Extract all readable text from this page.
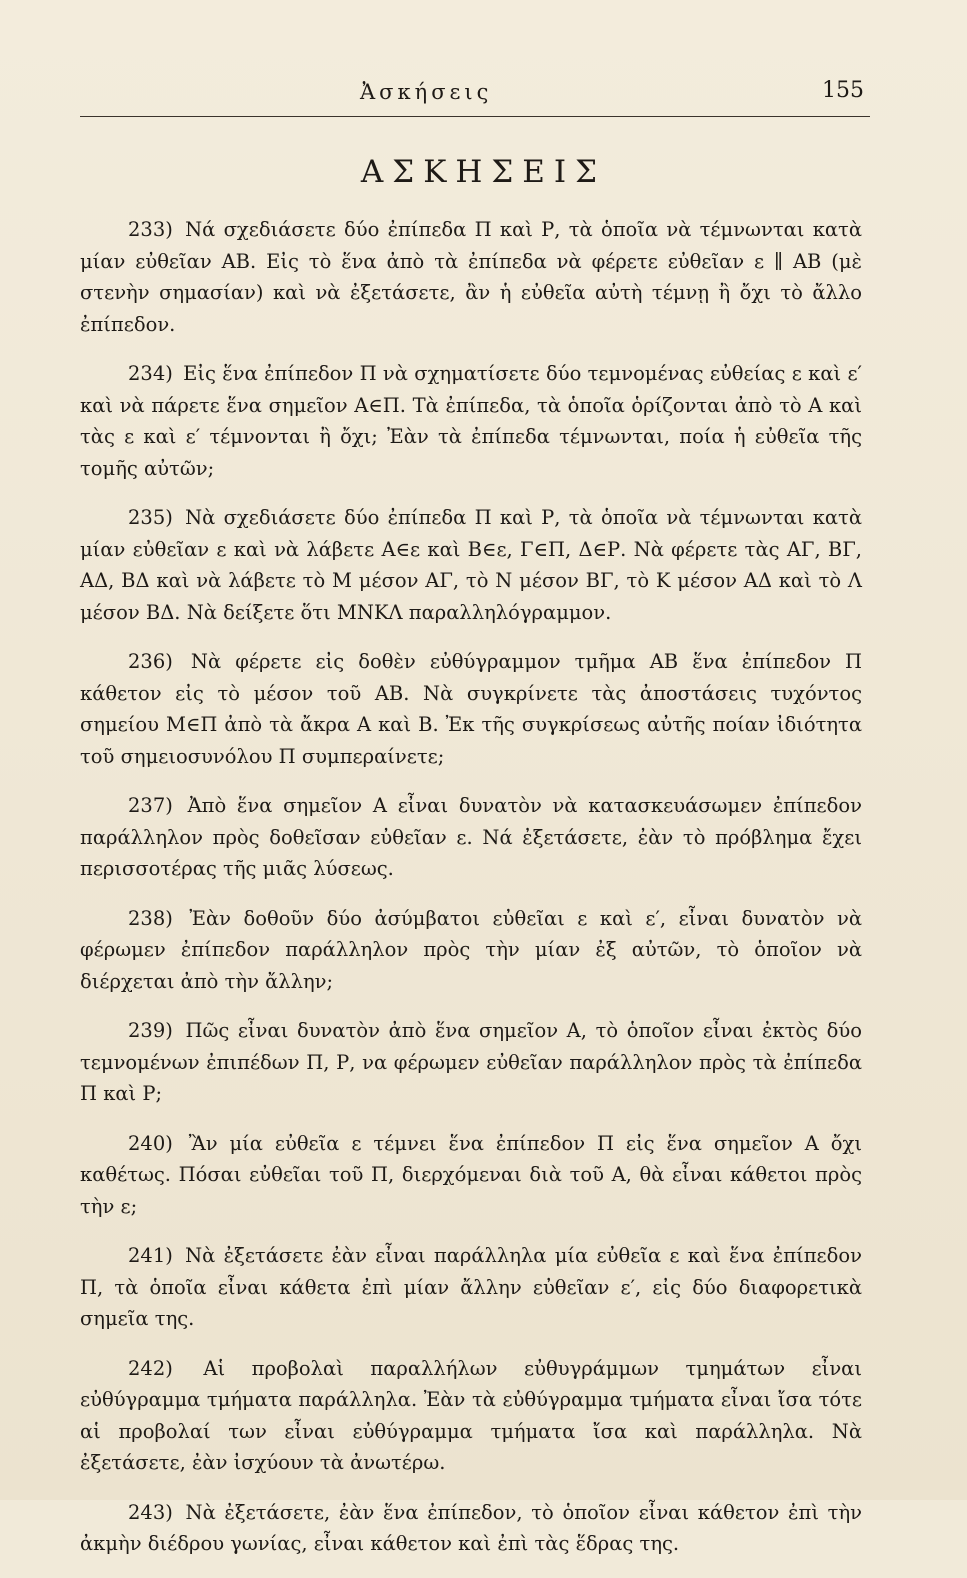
Ἀσκήσεις	155
ΑΣΚΗΣΕΙΣ

233) Νά σχεδιάσετε δύο ἐπίπεδα Π καὶ Ρ, τὰ ὁποῖα νὰ τέμνωνται κατὰ μίαν εὐθεῖαν ΑΒ. Εἰς τὸ ἕνα ἀπὸ τὰ ἐπίπεδα νὰ φέρετε εὐθεῖαν ε ∥ ΑΒ (μὲ στενὴν σημασίαν) καὶ νὰ ἐξετάσετε, ἂν ἡ εὐθεῖα αὐτὴ τέμνῃ ἢ ὄχι τὸ ἄλλο ἐπίπεδον.

234) Εἰς ἕνα ἐπίπεδον Π νὰ σχηματίσετε δύο τεμνομένας εὐθείας ε καὶ ε′ καὶ νὰ πάρετε ἕνα σημεῖον Α∈Π. Τὰ ἐπίπεδα, τὰ ὁποῖα ὁρίζονται ἀπὸ τὸ Α καὶ τὰς ε καὶ ε′ τέμνονται ἢ ὄχι; Ἐὰν τὰ ἐπίπεδα τέμνωνται, ποία ἡ εὐθεῖα τῆς τομῆς αὐτῶν;

235) Νὰ σχεδιάσετε δύο ἐπίπεδα Π καὶ Ρ, τὰ ὁποῖα νὰ τέμνωνται κατὰ μίαν εὐθεῖαν ε καὶ νὰ λάβετε Α∈ε καὶ Β∈ε, Γ∈Π, Δ∈Ρ. Νὰ φέρετε τὰς ΑΓ, ΒΓ, ΑΔ, ΒΔ καὶ νὰ λάβετε τὸ Μ μέσον ΑΓ, τὸ Ν μέσον ΒΓ, τὸ Κ μέσον ΑΔ καὶ τὸ Λ μέσον ΒΔ. Νὰ δείξετε ὅτι ΜΝΚΛ παραλληλόγραμμον.

236) Νὰ φέρετε εἰς δοθὲν εὐθύγραμμον τμῆμα ΑΒ ἕνα ἐπίπεδον Π κάθετον εἰς τὸ μέσον τοῦ ΑΒ. Νὰ συγκρίνετε τὰς ἀποστάσεις τυχόντος σημείου Μ∈Π ἀπὸ τὰ ἄκρα Α καὶ Β. Ἐκ τῆς συγκρίσεως αὐτῆς ποίαν ἰδιότητα τοῦ σημειοσυνόλου Π συμπεραίνετε;

237) Ἀπὸ ἕνα σημεῖον Α εἶναι δυνατὸν νὰ κατασκευάσωμεν ἐπίπεδον παράλληλον πρὸς δοθεῖσαν εὐθεῖαν ε. Νά ἐξετάσετε, ἐὰν τὸ πρόβλημα ἔχει περισσοτέρας τῆς μιᾶς λύσεως.

238) Ἐὰν δοθοῦν δύο ἀσύμβατοι εὐθεῖαι ε καὶ ε′, εἶναι δυνατὸν νὰ φέρωμεν ἐπίπεδον παράλληλον πρὸς τὴν μίαν ἐξ αὐτῶν, τὸ ὁποῖον νὰ διέρχεται ἀπὸ τὴν ἄλλην;

239) Πῶς εἶναι δυνατὸν ἀπὸ ἕνα σημεῖον Α, τὸ ὁποῖον εἶναι ἐκτὸς δύο τεμνομένων ἐπιπέδων Π, Ρ, να φέρωμεν εὐθεῖαν παράλληλον πρὸς τὰ ἐπίπεδα Π καὶ Ρ;

240) Ἂν μία εὐθεῖα ε τέμνει ἕνα ἐπίπεδον Π εἰς ἕνα σημεῖον Α ὄχι καθέτως. Πόσαι εὐθεῖαι τοῦ Π, διερχόμεναι διὰ τοῦ Α, θὰ εἶναι κάθετοι πρὸς τὴν ε;

241) Νὰ ἐξετάσετε ἐὰν εἶναι παράλληλα μία εὐθεῖα ε καὶ ἕνα ἐπίπεδον Π, τὰ ὁποῖα εἶναι κάθετα ἐπὶ μίαν ἄλλην εὐθεῖαν ε′, εἰς δύο διαφορετικὰ σημεῖα της.

242) Αἱ προβολαὶ παραλλήλων εὐθυγράμμων τμημάτων εἶναι εὐθύγραμμα τμήματα παράλληλα. Ἐὰν τὰ εὐθύγραμμα τμήματα εἶναι ἴσα τότε αἱ προβολαί των εἶναι εὐθύγραμμα τμήματα ἴσα καὶ παράλληλα. Νὰ ἐξετάσετε, ἐὰν ἰσχύουν τὰ ἀνωτέρω.

243) Νὰ ἐξετάσετε, ἐὰν ἕνα ἐπίπεδον, τὸ ὁποῖον εἶναι κάθετον ἐπὶ τὴν ἀκμὴν διέδρου γωνίας, εἶναι κάθετον καὶ ἐπὶ τὰς ἕδρας της.
